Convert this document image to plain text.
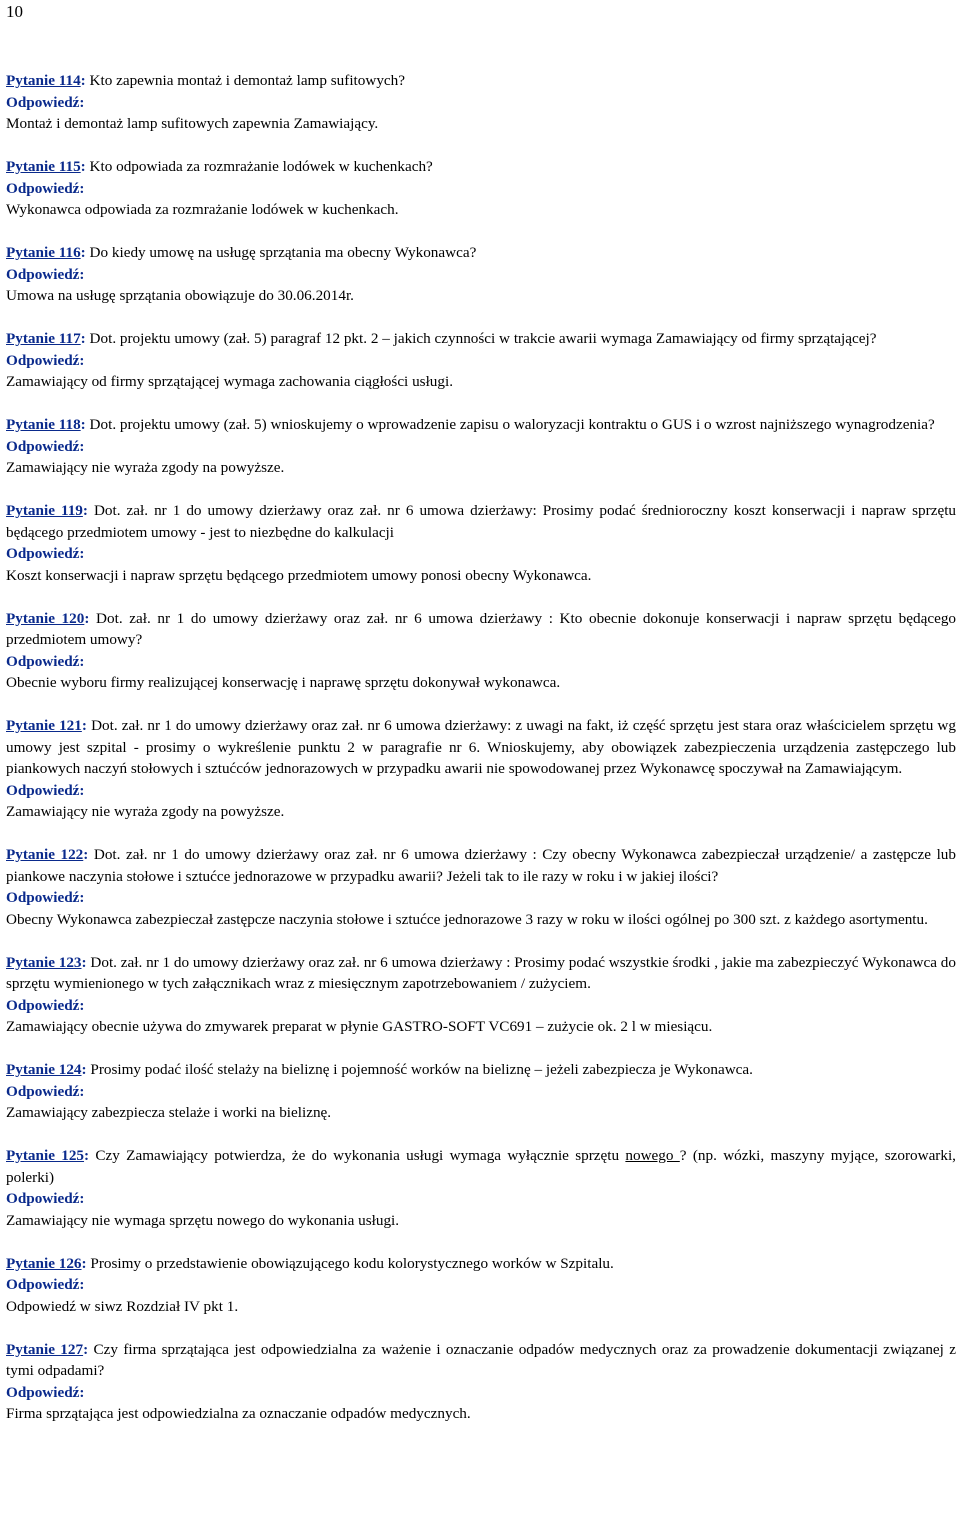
10
Pytanie 114: Kto zapewnia montaż i demontaż lamp sufitowych?
Odpowiedź:
Montaż i demontaż lamp sufitowych zapewnia Zamawiający.
Pytanie 115: Kto odpowiada za rozmrażanie lodówek w kuchenkach?
Odpowiedź:
Wykonawca odpowiada za rozmrażanie lodówek w kuchenkach.
Pytanie 116: Do kiedy umowę na usługę sprzątania ma obecny Wykonawca?
Odpowiedź:
Umowa na usługę sprzątania obowiązuje do 30.06.2014r.
Pytanie 117: Dot. projektu umowy (zał. 5) paragraf 12 pkt. 2 – jakich czynności w trakcie awarii wymaga Zamawiający od firmy sprzątającej?
Odpowiedź:
Zamawiający od firmy sprzątającej wymaga zachowania ciągłości usługi.
Pytanie 118: Dot. projektu umowy (zał. 5) wnioskujemy o wprowadzenie zapisu o waloryzacji kontraktu o GUS i o wzrost najniższego wynagrodzenia?
Odpowiedź:
Zamawiający nie wyraża zgody na powyższe.
Pytanie 119: Dot. zał. nr 1 do umowy dzierżawy oraz zał. nr 6 umowa dzierżawy: Prosimy podać średnioroczny koszt konserwacji i napraw sprzętu będącego przedmiotem umowy - jest to niezbędne do kalkulacji
Odpowiedź:
Koszt konserwacji i napraw sprzętu będącego przedmiotem umowy ponosi obecny Wykonawca.
Pytanie 120: Dot. zał. nr 1 do umowy dzierżawy oraz zał. nr 6 umowa dzierżawy : Kto obecnie dokonuje konserwacji i napraw sprzętu będącego przedmiotem umowy?
Odpowiedź:
Obecnie wyboru firmy realizującej konserwację i naprawę sprzętu dokonywał wykonawca.
Pytanie 121: Dot. zał. nr 1 do umowy dzierżawy oraz zał. nr 6 umowa dzierżawy: z uwagi na fakt, iż część sprzętu jest stara oraz właścicielem sprzętu wg umowy jest szpital - prosimy o wykreślenie punktu 2 w paragrafie nr 6. Wnioskujemy, aby obowiązek zabezpieczenia urządzenia zastępczego lub piankowych naczyń stołowych i sztućców jednorazowych w przypadku awarii nie spowodowanej przez Wykonawcę spoczywał na Zamawiającym.
Odpowiedź:
Zamawiający nie wyraża zgody na powyższe.
Pytanie 122: Dot. zał. nr 1 do umowy dzierżawy oraz zał. nr 6 umowa dzierżawy : Czy obecny Wykonawca zabezpieczał urządzenie/ a zastępcze lub piankowe naczynia stołowe i sztućce jednorazowe w przypadku awarii? Jeżeli tak to ile razy w roku i w jakiej ilości?
Odpowiedź:
Obecny Wykonawca zabezpieczał zastępcze naczynia stołowe i sztućce jednorazowe 3 razy w roku w ilości ogólnej po 300 szt. z każdego asortymentu.
Pytanie 123: Dot. zał. nr 1 do umowy dzierżawy oraz zał. nr 6 umowa dzierżawy : Prosimy podać wszystkie środki , jakie ma zabezpieczyć Wykonawca do sprzętu wymienionego w tych załącznikach wraz z miesięcznym zapotrzebowaniem / zużyciem.
Odpowiedź:
Zamawiający obecnie używa do zmywarek preparat w płynie GASTRO-SOFT VC691 – zużycie ok. 2 l w miesiącu.
Pytanie 124: Prosimy podać ilość stelaży na bieliznę i pojemność worków na bieliznę – jeżeli zabezpiecza je Wykonawca.
Odpowiedź:
Zamawiający zabezpiecza stelaże i worki na bieliznę.
Pytanie 125: Czy Zamawiający potwierdza, że do wykonania usługi wymaga wyłącznie sprzętu nowego ? (np. wózki, maszyny myjące, szorowarki, polerki)
Odpowiedź:
Zamawiający nie wymaga sprzętu nowego do wykonania usługi.
Pytanie 126: Prosimy o przedstawienie obowiązującego kodu kolorystycznego worków w Szpitalu.
Odpowiedź:
Odpowiedź w siwz Rozdział IV pkt 1.
Pytanie 127: Czy firma sprzątająca jest odpowiedzialna za ważenie i oznaczanie odpadów medycznych oraz za prowadzenie dokumentacji związanej z tymi odpadami?
Odpowiedź:
Firma sprzątająca jest odpowiedzialna za oznaczanie odpadów medycznych.
